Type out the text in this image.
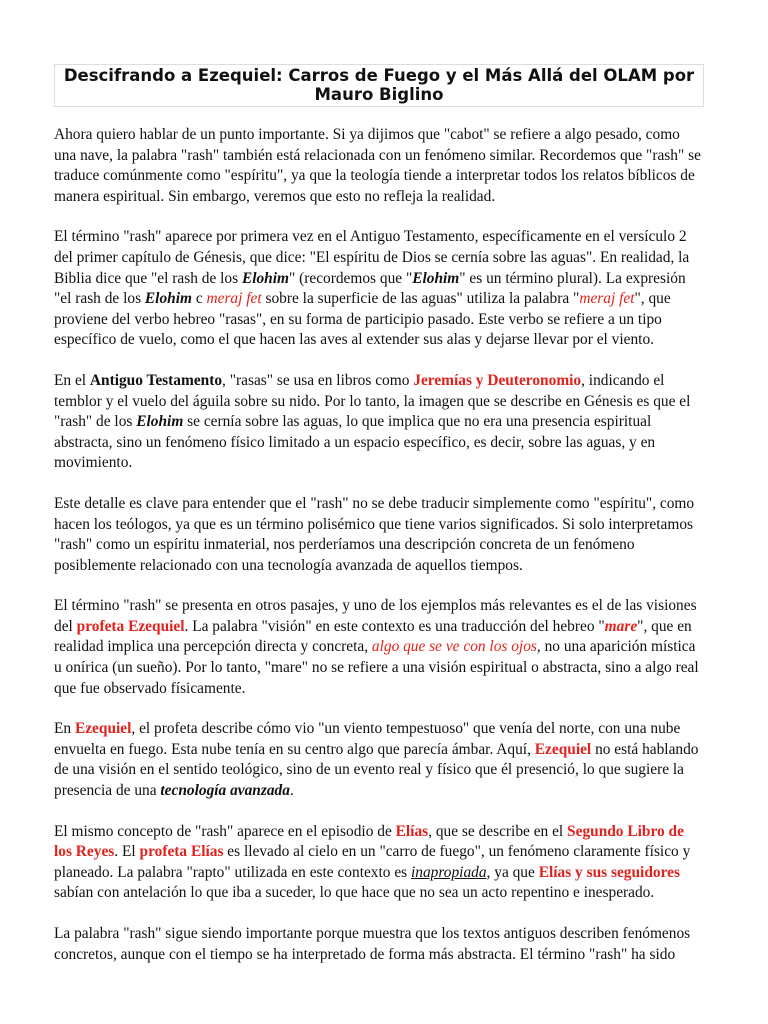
Descifrando a Ezequiel: Carros de Fuego y el Más Allá del OLAM por Mauro Biglino

Ahora quiero hablar de un punto importante. Si ya dijimos que "cabot" se refiere a algo pesado, como una nave, la palabra "rash" también está relacionada con un fenómeno similar. Recordemos que "rash" se traduce comúnmente como "espíritu", ya que la teología tiende a interpretar todos los relatos bíblicos de manera espiritual. Sin embargo, veremos que esto no refleja la realidad.

El término "rash" aparece por primera vez en el Antiguo Testamento, específicamente en el versículo 2 del primer capítulo de Génesis, que dice: "El espíritu de Dios se cernía sobre las aguas". En realidad, la Biblia dice que "el rash de los Elohim" (recordemos que "Elohim" es un término plural). La expresión "el rash de los Elohim c meraj fet sobre la superficie de las aguas" utiliza la palabra "meraj fet", que proviene del verbo hebreo "rasas", en su forma de participio pasado. Este verbo se refiere a un tipo específico de vuelo, como el que hacen las aves al extender sus alas y dejarse llevar por el viento.

En el Antiguo Testamento, "rasas" se usa en libros como Jeremías y Deuteronomio, indicando el temblor y el vuelo del águila sobre su nido. Por lo tanto, la imagen que se describe en Génesis es que el "rash" de los Elohim se cernía sobre las aguas, lo que implica que no era una presencia espiritual abstracta, sino un fenómeno físico limitado a un espacio específico, es decir, sobre las aguas, y en movimiento.

Este detalle es clave para entender que el "rash" no se debe traducir simplemente como "espíritu", como hacen los teólogos, ya que es un término polisémico que tiene varios significados. Si solo interpretamos "rash" como un espíritu inmaterial, nos perderíamos una descripción concreta de un fenómeno posiblemente relacionado con una tecnología avanzada de aquellos tiempos.

El término "rash" se presenta en otros pasajes, y uno de los ejemplos más relevantes es el de las visiones del profeta Ezequiel. La palabra "visión" en este contexto es una traducción del hebreo "mare", que en realidad implica una percepción directa y concreta, algo que se ve con los ojos, no una aparición mística u onírica (un sueño). Por lo tanto, "mare" no se refiere a una visión espiritual o abstracta, sino a algo real que fue observado físicamente.

En Ezequiel, el profeta describe cómo vio "un viento tempestuoso" que venía del norte, con una nube envuelta en fuego. Esta nube tenía en su centro algo que parecía ámbar. Aquí, Ezequiel no está hablando de una visión en el sentido teológico, sino de un evento real y físico que él presenció, lo que sugiere la presencia de una tecnología avanzada.

El mismo concepto de "rash" aparece en el episodio de Elías, que se describe en el Segundo Libro de los Reyes. El profeta Elías es llevado al cielo en un "carro de fuego", un fenómeno claramente físico y planeado. La palabra "rapto" utilizada en este contexto es inapropiada, ya que Elías y sus seguidores sabían con antelación lo que iba a suceder, lo que hace que no sea un acto repentino e inesperado.

La palabra "rash" sigue siendo importante porque muestra que los textos antiguos describen fenómenos concretos, aunque con el tiempo se ha interpretado de forma más abstracta. El término "rash" ha sido
